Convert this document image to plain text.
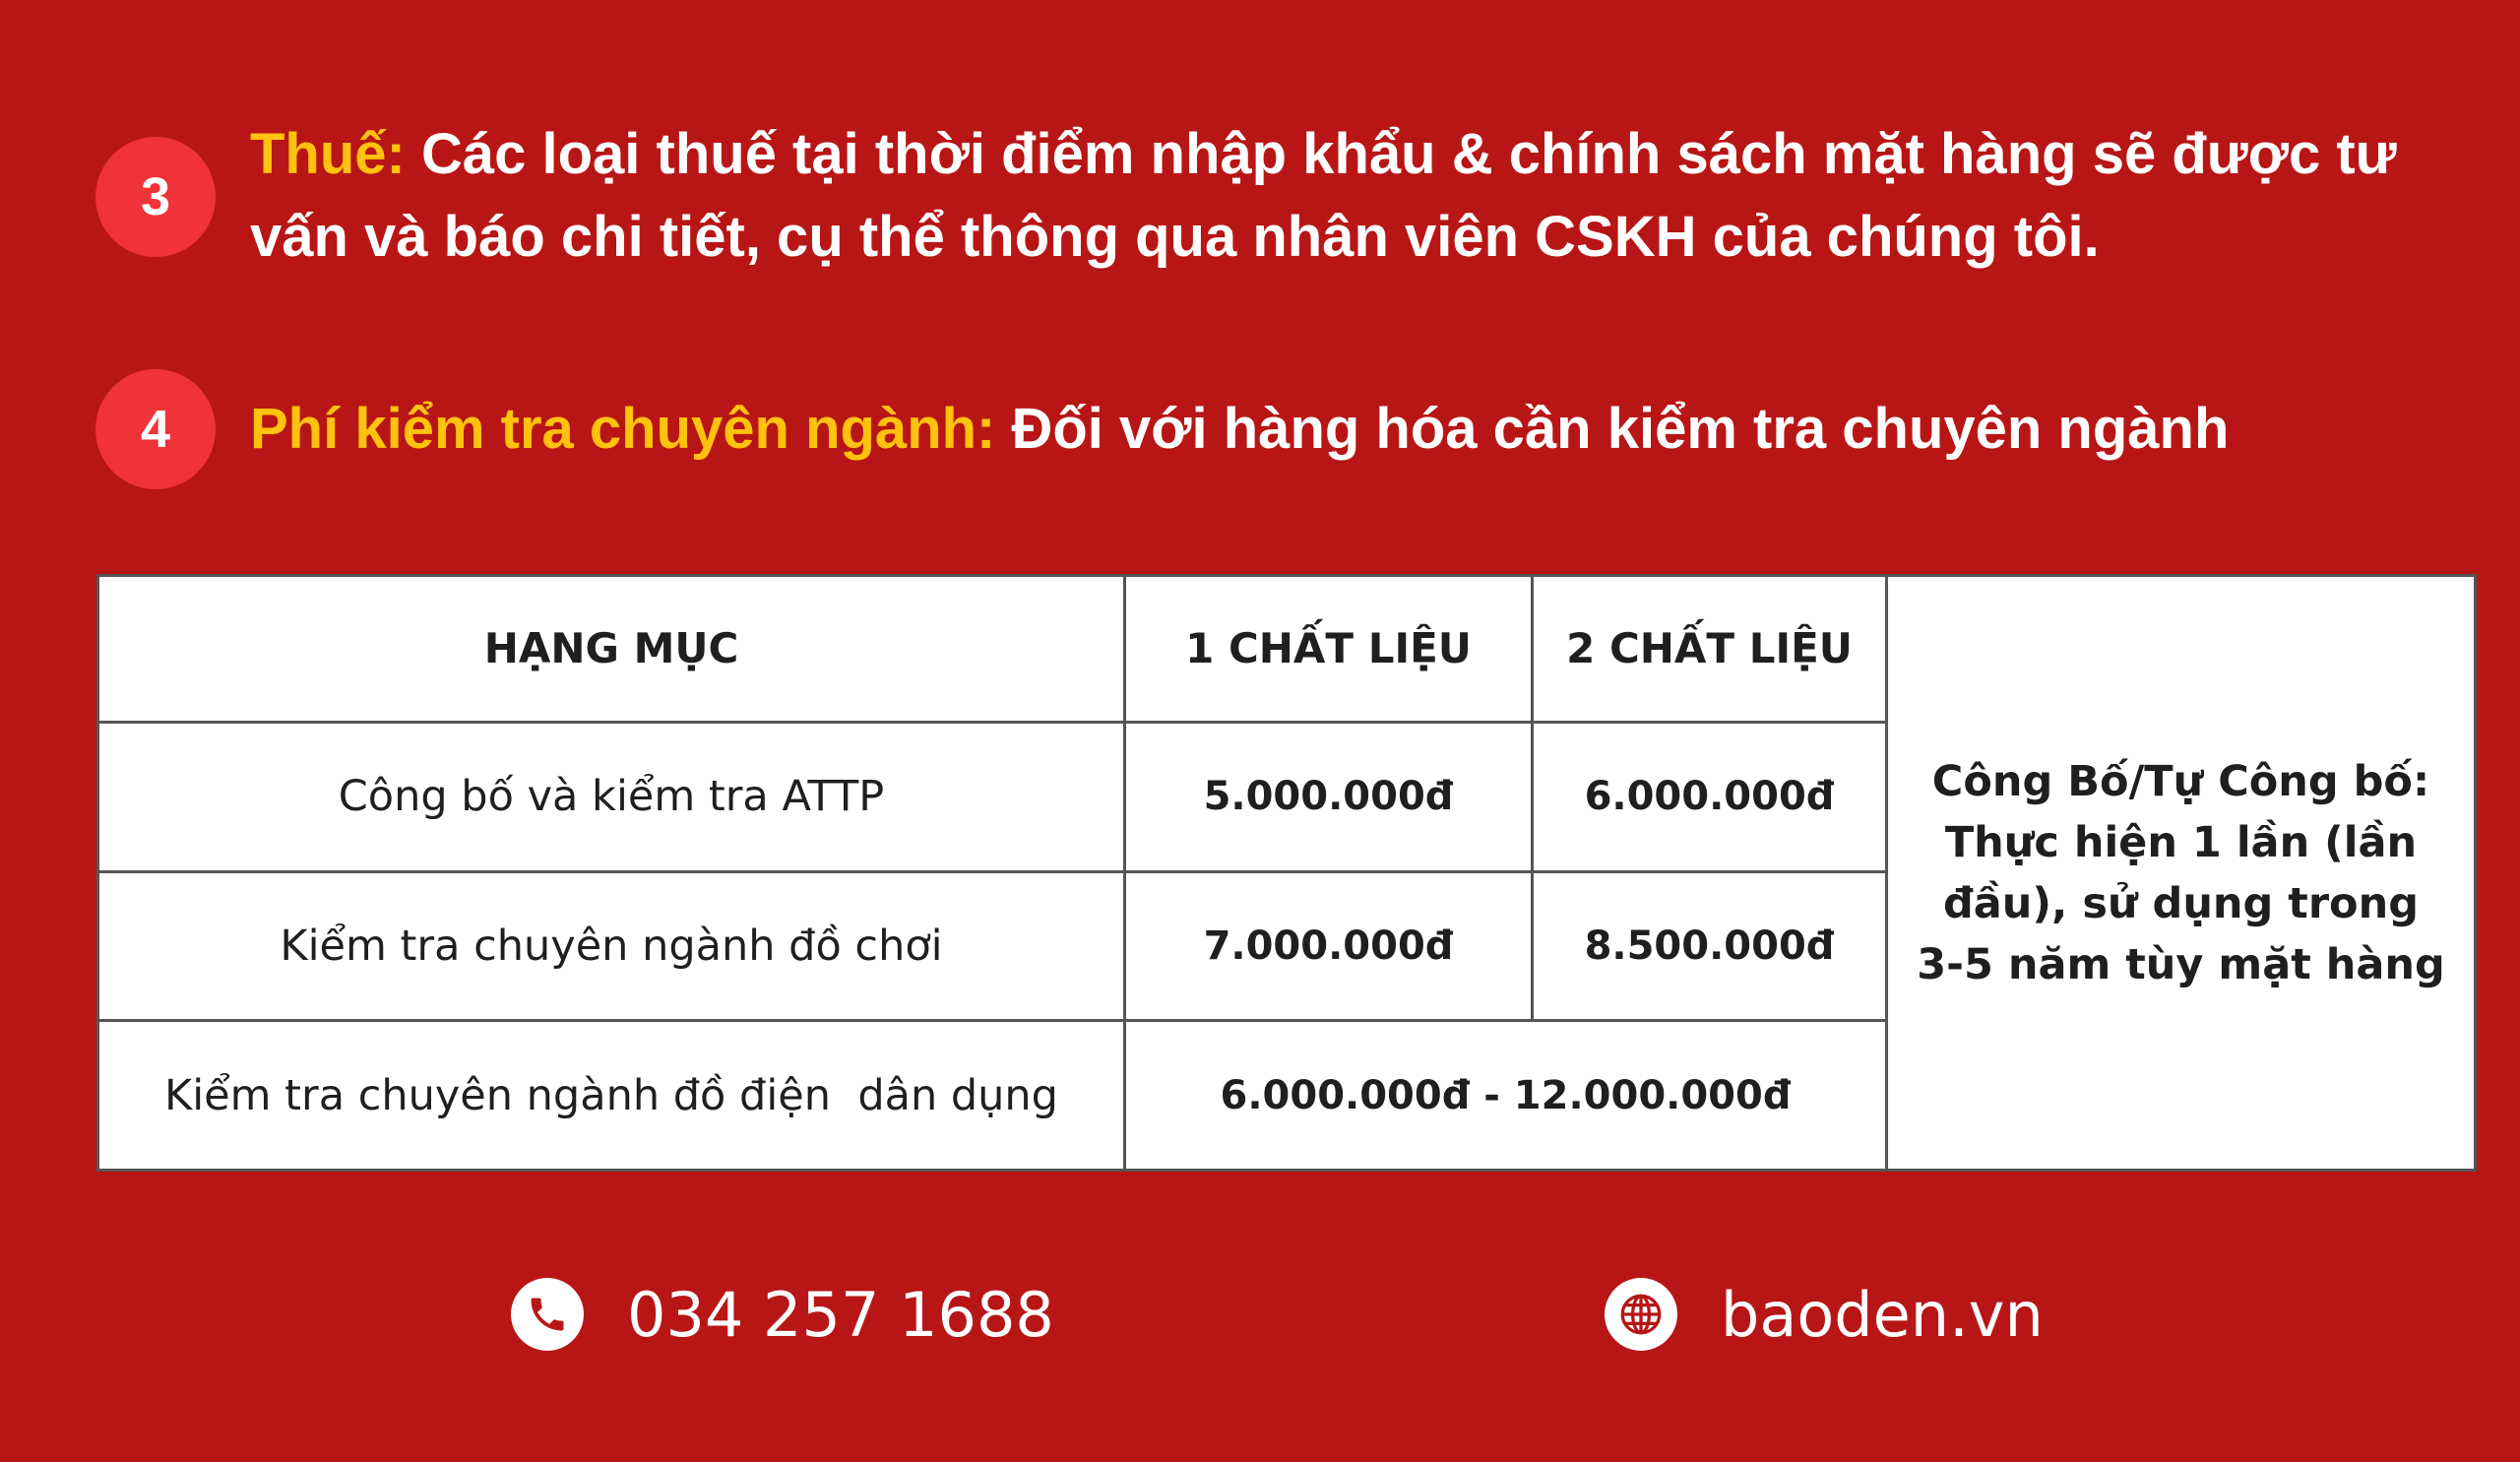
3
Thuế: Các loại thuế tại thời điểm nhập khẩu & chính sách mặt hàng sẽ được tư vấn và báo chi tiết, cụ thể thông qua nhân viên CSKH của chúng tôi.
4	Phí kiểm tra chuyên ngành: Đối với hàng hóa cần kiểm tra chuyên ngành
HẠNG MỤC	1 CHẤT LIỆU	2 CHẤT LIỆU	Công Bố/Tự Công bố: Thực hiện 1 lần (lần đầu), sử dụng trong 3-5 năm tùy mặt hàng
Công bố và kiểm tra ATTP	5.000.000đ	6.000.000đ	
Kiểm tra chuyên ngành đồ chơi	7.000.000đ	8.500.000đ	
Kiểm tra chuyên ngành đồ điện  dân dụng	6.000.000đ - 12.000.000đ		
034 257 1688	baoden.vn
